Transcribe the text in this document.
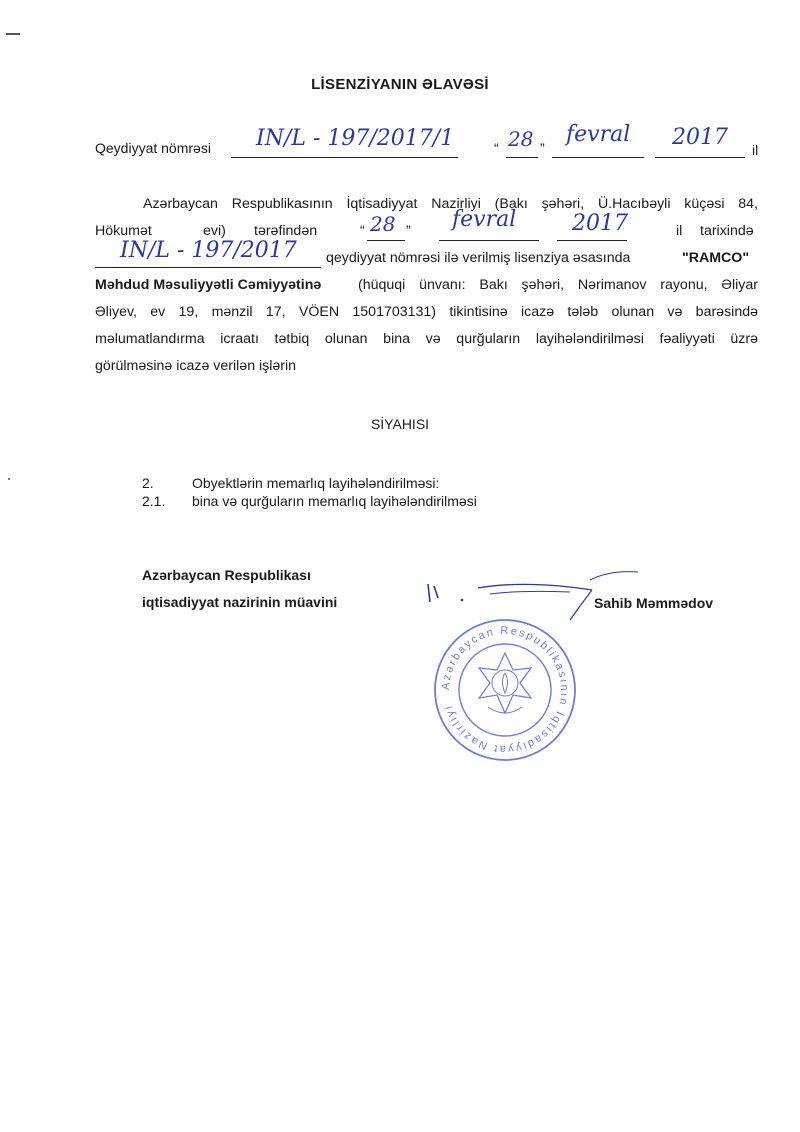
LİSENZİYANIN ƏLAVƏSİ
Qeydiyyat nömrəsi IN/L - 197/2017/1	“ 28 ”
fevral 2017 il
Azərbaycan Respublikasının İqtisadiyyat Nazirliyi (Bakı şəhəri, Ü.Hacıbəyli küçəsi 84,
Hökumət	evi) tərəfindən	“ 28 ” fevral	2017	il tarixində
IN/L - 197/2017 qeydiyyat nömrəsi ilə verilmiş lisenziya əsasında	"RAMCO"
Məhdud Məsuliyyətli Cəmiyyətinə	(hüquqi ünvanı: Bakı şəhəri, Nərimanov rayonu, Əliyar
Əliyev, ev 19, mənzil 17, VÖEN 1501703131) tikintisinə icazə tələb olunan və barəsində
məlumatlandırma icraatı tətbiq olunan bina və qurğuların layihələndirilməsi fəaliyyəti üzrə
görülməsinə icazə verilən işlərin
SİYAHISI
2.	Obyektlərin memarlıq layihələndirilməsi:
2.1. bina və qurğuların memarlıq layihələndirilməsi
Azərbaycan Respublikası
iqtisadiyyat nazirinin müavini	Sahib Məmmədov
Azərbaycan Respublikasının İqtisadiyyat Nazirliyi
